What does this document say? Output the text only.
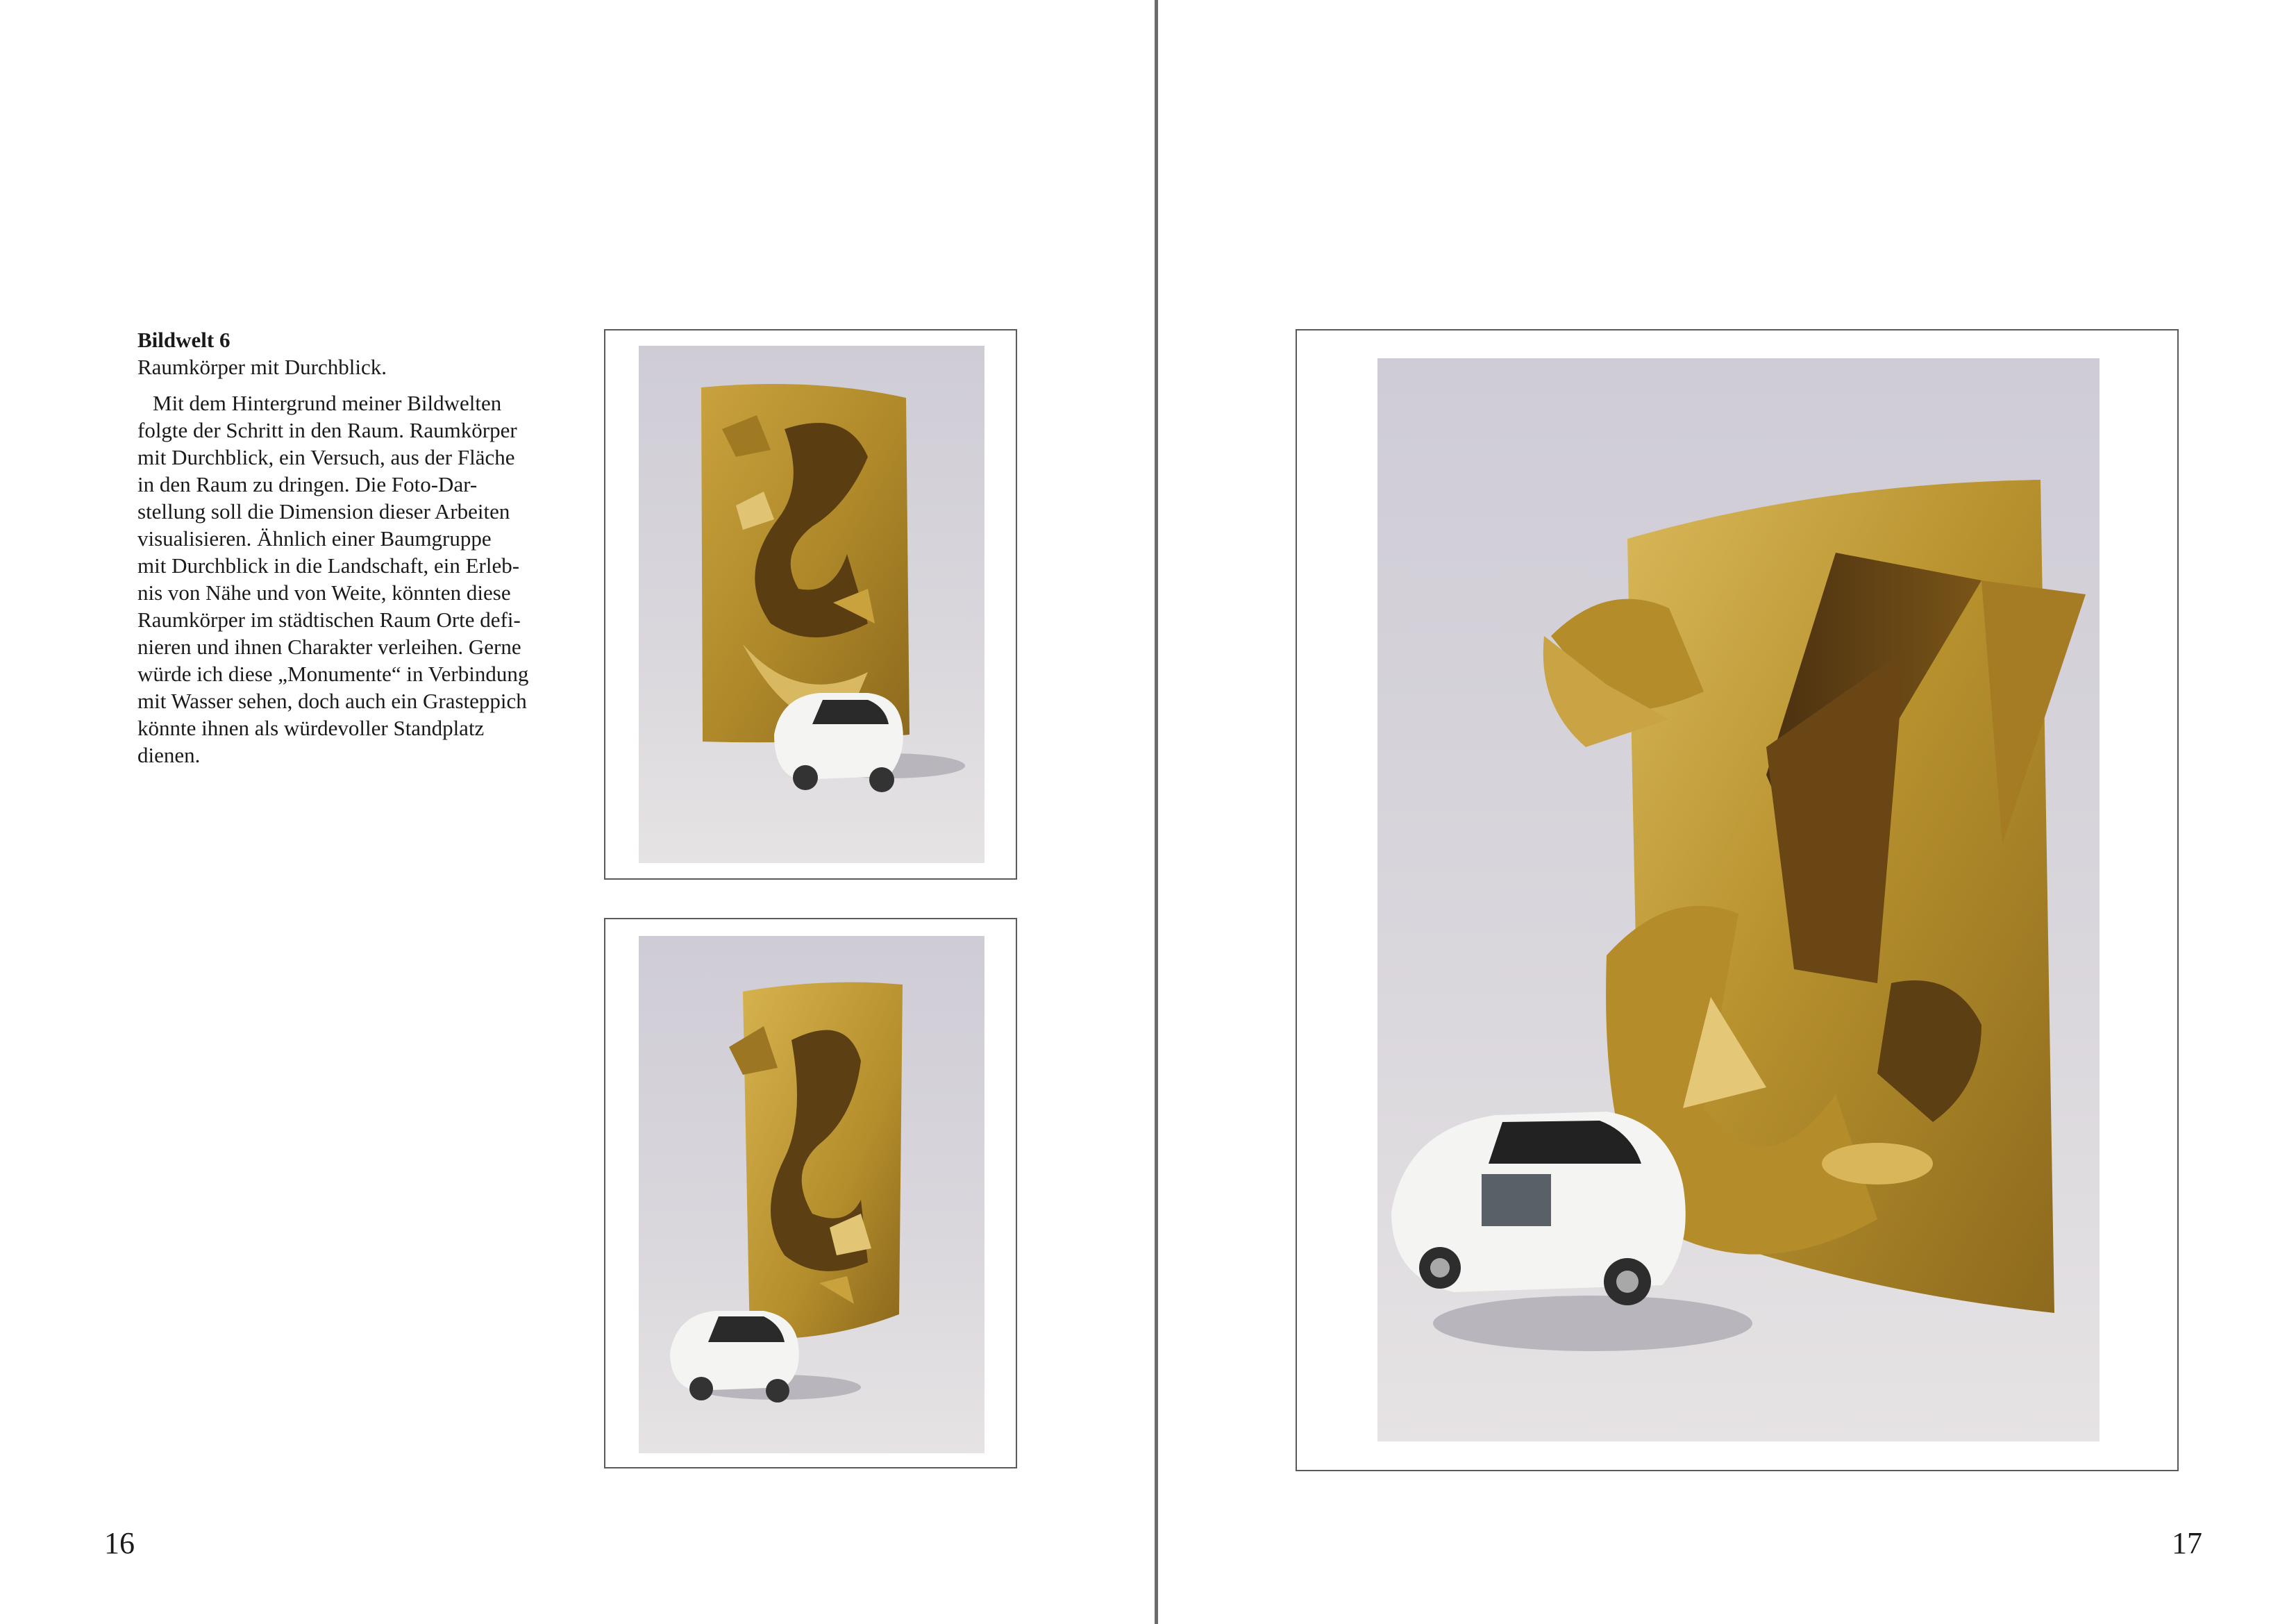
Bildwelt 6

Raumkörper mit Durchblick.

Mit dem Hintergrund meiner Bildwelten
folgte der Schritt in den Raum. Raumkörper
mit Durchblick, ein Versuch, aus der Fläche
in den Raum zu dringen. Die Foto-Dar-
stellung soll die Dimension dieser Arbeiten
visualisieren. Ähnlich einer Baumgruppe
mit Durchblick in die Landschaft, ein Erleb-
nis von Nähe und von Weite, könnten diese
Raumkörper im städtischen Raum Orte defi-
nieren und ihnen Charakter verleihen. Gerne
würde ich diese „Monumente“ in Verbindung
mit Wasser sehen, doch auch ein Grasteppich
könnte ihnen als würdevoller Standplatz
dienen.
16	17
